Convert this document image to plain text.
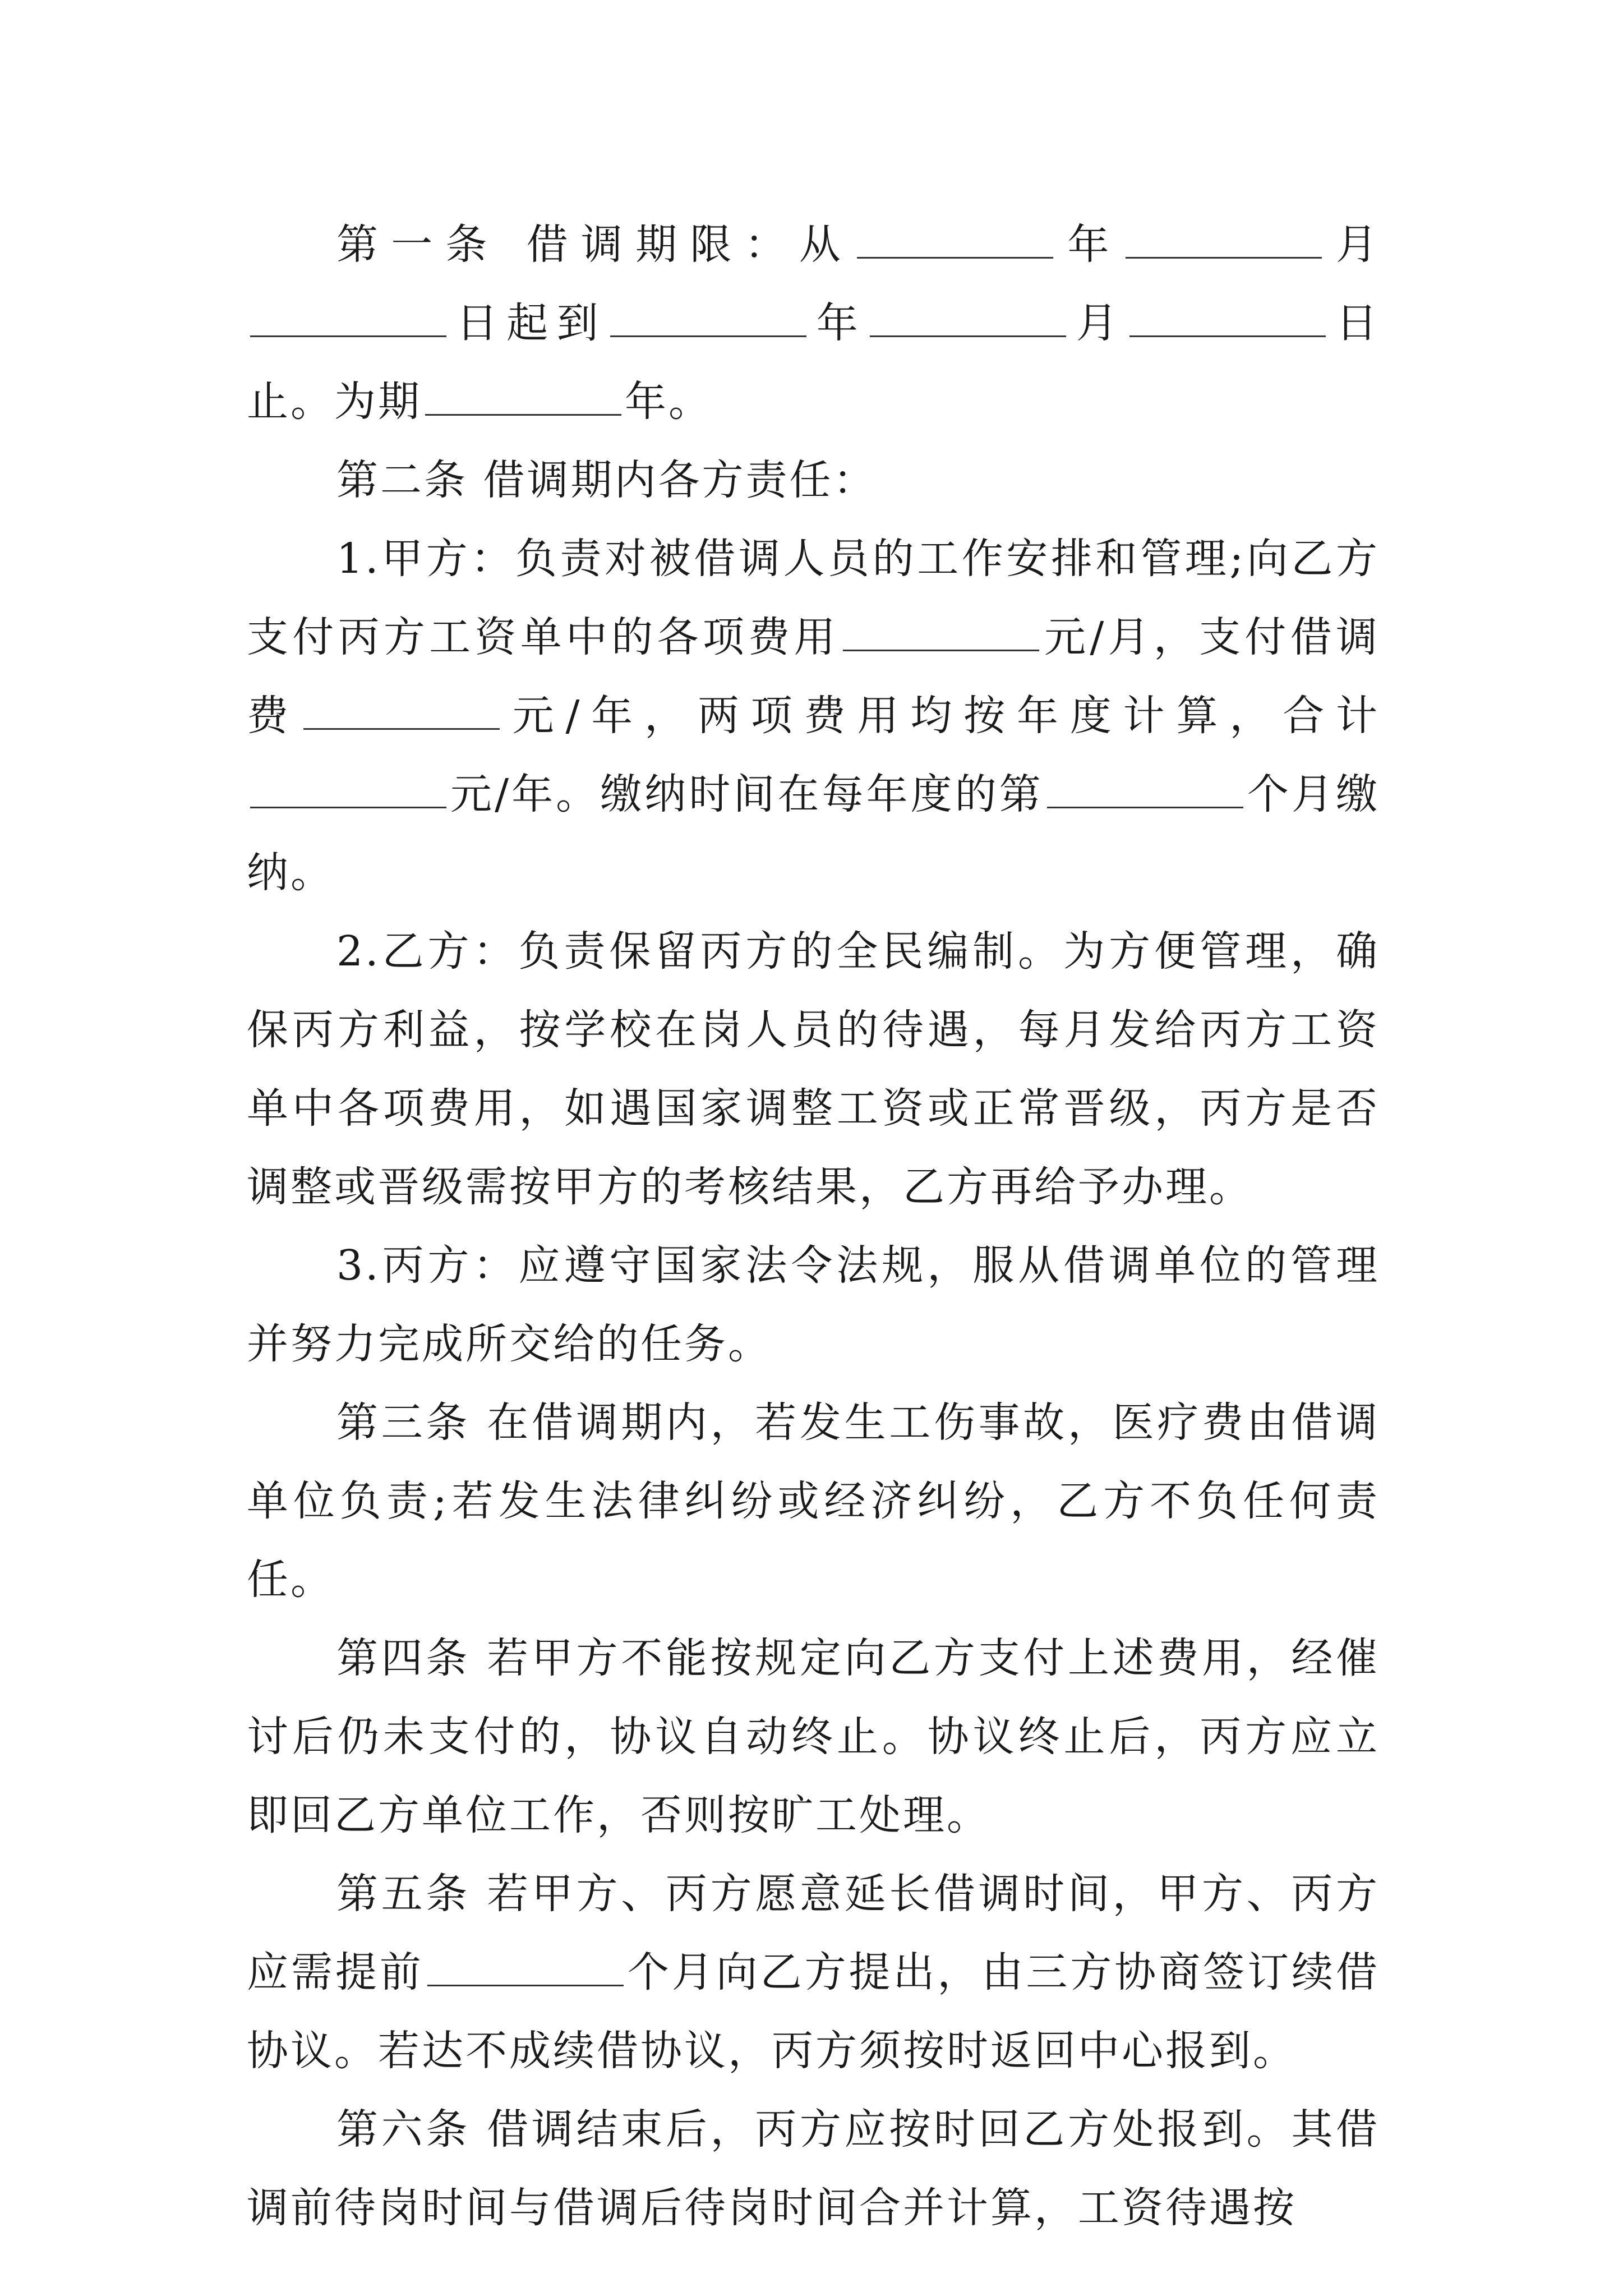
第一条 借调期限：从	年	月日起到	年	月	日止。为期	年。

第二条 借调期内各方责任：

1.甲方：负责对被借调人员的工作安排和管理;向乙方支付丙方工资单中的各项费用	元/月，支付借调费	元/年，两项费用均按年度计算，合计元/年。缴纳时间在每年度的第	个月缴纳。

2.乙方：负责保留丙方的全民编制。为方便管理，确保丙方利益，按学校在岗人员的待遇，每月发给丙方工资单中各项费用，如遇国家调整工资或正常晋级，丙方是否调整或晋级需按甲方的考核结果，乙方再给予办理。

3.丙方：应遵守国家法令法规，服从借调单位的管理并努力完成所交给的任务。

第三条 在借调期内，若发生工伤事故，医疗费由借调单位负责;若发生法律纠纷或经济纠纷，乙方不负任何责任。

第四条 若甲方不能按规定向乙方支付上述费用，经催讨后仍未支付的，协议自动终止。协议终止后，丙方应立即回乙方单位工作，否则按旷工处理。

第五条 若甲方、丙方愿意延长借调时间，甲方、丙方应需提前	个月向乙方提出，由三方协商签订续借协议。若达不成续借协议，丙方须按时返回中心报到。

第六条 借调结束后，丙方应按时回乙方处报到。其借调前待岗时间与借调后待岗时间合并计算，工资待遇按
